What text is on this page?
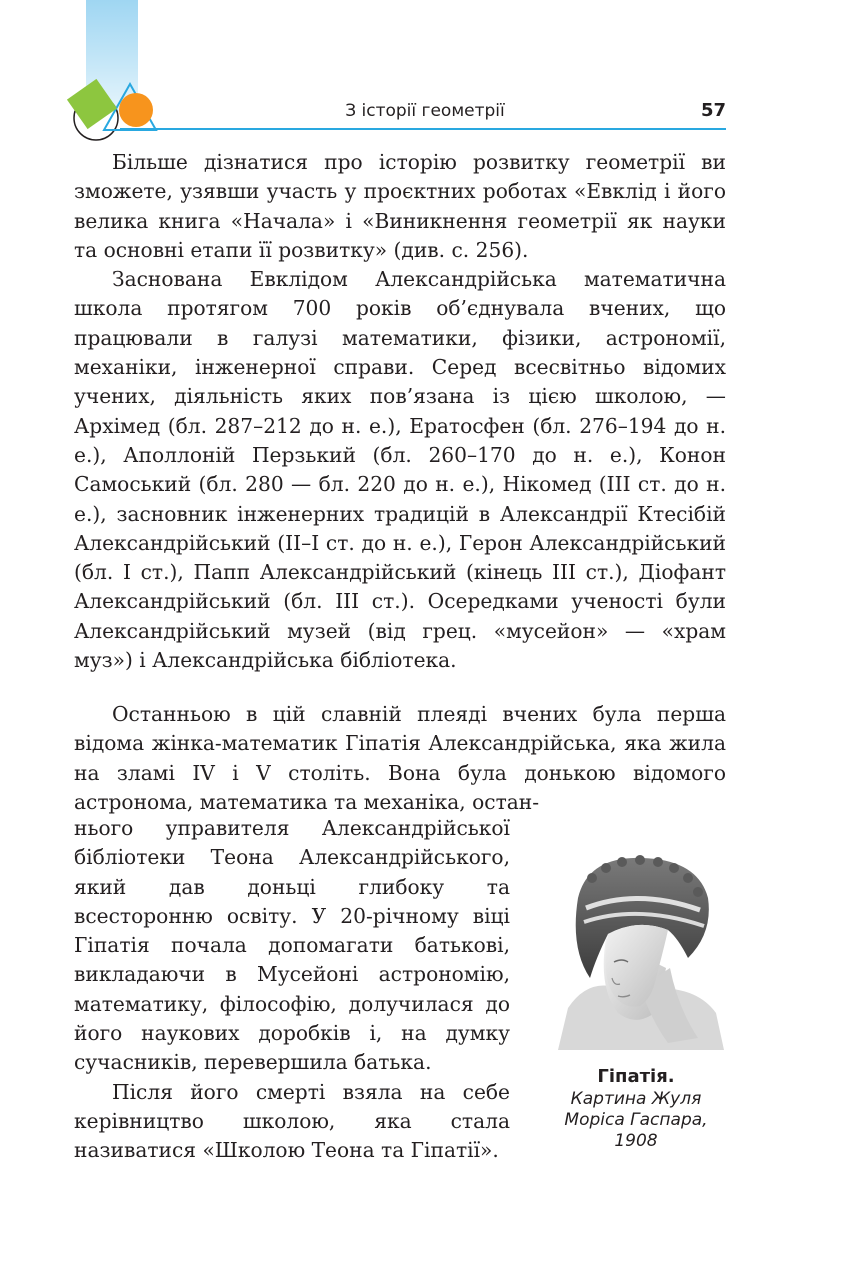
З історії геометрії	57

Більше дізнатися про історію розвитку геометрії ви зможете, узявши участь у проєктних роботах «Евклід і його велика книга «Начала» і «Виникнення геометрії як науки та основні етапи її розвитку» (див. с. 256).

Заснована Евклідом Александрійська математична школа протягом 700 років об’єднувала вчених, що працювали в галузі математики, фізики, астрономії, механіки, інженерної справи. Серед всесвітньо відомих учених, діяльність яких пов’язана із цією школою, — Архімед (бл. 287–212 до н. е.), Ератосфен (бл. 276–194 до н. е.), Аполлоній Перзький (бл. 260–170 до н. е.), Конон Самоський (бл. 280 — бл. 220 до н. е.), Нікомед (ІІІ ст. до н. е.), засновник інженерних традицій в Александрії Ктесібій Александрійський (ІІ–І ст. до н. е.), Герон Александрійський (бл. І ст.), Папп Александрійський (кінець ІІІ ст.), Діофант Александрійський (бл. ІІІ ст.). Осередками ученості були Александрійський музей (від грец. «мусейон» — «храм муз») і Александрійська бібліотека.

Останньою в цій славній плеяді вчених була перша відома жінка-математик Гіпатія Александрійська, яка жила на зламі IV і V століть. Вона була донькою відомого астронома, математика та механіка, остан-

нього управителя Александрійської бібліотеки Теона Александрійського, який дав доньці глибоку та всесторонню освіту. У 20-річному віці Гіпатія почала допомагати батькові, викладаючи в Мусейоні астрономію, математику, філософію, долучилася до його наукових доробків і, на думку сучасників, перевершила батька.

Після його смерті взяла на себе керівництво школою, яка стала називатися «Школою Теона та Гіпатії».

Гіпатія.
Картина Жуля Моріса Гаспара, 1908
